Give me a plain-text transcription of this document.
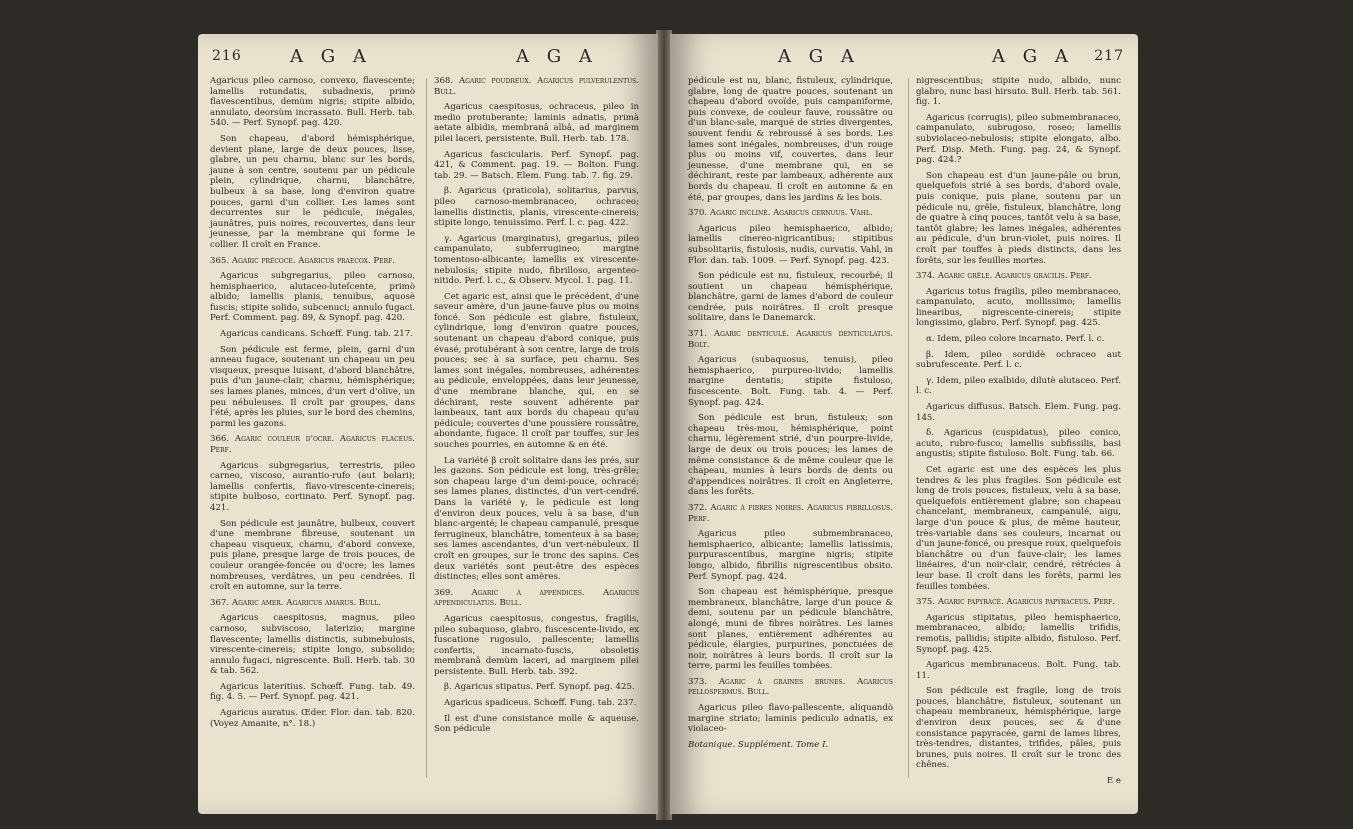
216	A G A	A G A

Agaricus pileo carnoso, convexo, flavescente; lamellis rotundatis, subadnexis, primò flavescentibus, demùm nigris; stipite albido, annulato, deorsùm incrassato. Bull. Herb. tab. 540. — Perf. Synopf. pag. 420.

Son chapeau, d'abord hémisphérique, devient plane, large de deux pouces, lisse, glabre, un peu charnu, blanc sur les bords, jaune à son centre, soutenu par un pédicule plein, cylindrique, charnu, blanchâtre, bulbeux à sa base, long d'environ quatre pouces, garni d'un collier. Les lames sont decurrentes sur le pédicule, inégales, jaunâtres, puis noires, recouvertes, dans leur jeunesse, par la membrane qui forme le collier. Il croît en France.

365. Agaric précoce. Agaricus praecox. Perf.

Agaricus subgregarius, pileo carnoso, hemisphaerico, alutaceo-luteſcente, primò albido; lamellis planis, tenuibus, aquosè fuscis; stipite solido, subcenuci; annulo fugaci. Perf. Comment. pag. 89, & Synopf. pag. 420.

Agaricus candicans. Schœff. Fung. tab. 217.

Son pédicule est ferme, plein, garni d'un anneau fugace, soutenant un chapeau un peu visqueux, presque luisant, d'abord blanchâtre, puis d'un jaune-clair, charnu, hémisphérique; ses lames planes, minces, d'un vert d'olive, un peu nébuleuses. Il croît par groupes, dans l'été, après les pluies, sur le bord des chemins, parmi les gazons.

366. Agaric couleur d'ocre. Agaricus flaceus. Perf.

Agaricus subgregarius, terrestris, pileo carneo, viscoso, aurantio-rufo (aut bolari); lamellis confertis, flavo-virescente-cinereis; stipite bulboso, cortinato. Perf. Synopf. pag. 421.

Son pédicule est jaunâtre, bulbeux, couvert d'une membrane fibreuse, soutenant un chapeau visqueux, charnu, d'abord convexe, puis plane, presque large de trois pouces, de couleur orangée-foncée ou d'ocre; les lames nombreuses, verdâtres, un peu cendrées. Il croît en automne, sur la terre.

367. Agaric amer. Agaricus amarus. Bull.

Agaricus caespitosus, magnus, pileo carnoso, subviscoso, laterizio; margine flavescente; lamellis distinctis, submebulosis, virescente-cinereis; stipite longo, subsolido; annulo fugaci, nigrescente. Bull. Herb. tab. 30 & tab. 562.

Agaricus lateritius. Schœff. Fung. tab. 49. fig. 4. 5. — Perf. Synopf. pag. 421.

Agaricus auratus. Œder. Flor. dan. tab. 820. (Voyez Amanite, n°. 18.)

368. Agaric poudreux. Agaricus pulverulentus. Bull.

Agaricus caespitosus, ochraceus, pileo in medio protuberante; laminis adnatis, primà aetate albidis, membranâ albâ, ad marginem pilei laceri, persistente. Bull. Herb. tab. 178.

Agaricus fascicularis. Perf. Synopf. pag. 421, & Comment. pag. 19. — Bolton. Fung. tab. 29. — Batsch. Elem. Fung. tab. 7. fig. 29.

β. Agaricus (praticola), solitarius, parvus, pileo carnoso-membranaceo, ochraceo; lamellis distinctis, planis, virescente-cinereis; stipite longo, tenuissimo. Perf. l. c. pag. 422.

γ. Agaricus (marginatus), gregarius, pileo campanulato, subferrugineo; margine tomentoso-albicante; lamellis ex virescente-nebulosis; stipite nudo, fibrilloso, argenteo-nitido. Perf. l. c., & Observ. Mycol. 1. pag. 11.

Cet agaric est, ainsi que le précédent, d'une saveur amère, d'un jaune-fauve plus ou moins foncé. Son pédicule est glabre, fistuleux, cylindrique, long d'environ quatre pouces, soutenant un chapeau d'abord conique, puis évasé, protubérant à son centre, large de trois pouces; sec à sa surface, peu charnu. Ses lames sont inégales, nombreuses, adhérentes au pédicule, enveloppées, dans leur jeunesse, d'une membrane blanche, qui, en se déchirant, reste souvent adhérente par lambeaux, tant aux bords du chapeau qu'au pédicule; couvertes d'une poussière roussâtre, abondante, fugace. Il croît par touffes, sur les souches pourries, en automne & en été.

La variété β croît solitaire dans les prés, sur les gazons. Son pédicule est long, très-grêle; son chapeau large d'un demi-pouce, ochracé; ses lames planes, distinctes, d'un vert-cendré. Dans la variété γ, le pédicule est long d'environ deux pouces, velu à sa base, d'un blanc-argenté; le chapeau campanulé, presque ferrugineux, blanchâtre, tomenteux à sa base; ses lames ascendantes, d'un vert-nébuleux. Il croît en groupes, sur le tronc des sapins. Ces deux variétés sont peut-être des espèces distinctes; elles sont amères.

369. Agaric à appendices. Agaricus appendiculatus. Bull.

Agaricus caespitosus, congestus, fragilis, pileo subaquoso, glabro, fuscescente-livido, ex fuscatione rugosulo, pallescente; lamellis confertis, incarnato-fuscis, obsoletis membranâ demùm laceri, ad marginem pilei persistente. Bull. Herb. tab. 392.

β. Agaricus stipatus. Perf. Synopf. pag. 425.

Agaricus spadiceus. Schœff. Fung. tab. 237.

Il est d'une consistance molle & aqueuse. Son pédicule

A G A	A G A 217

pédicule est nu, blanc, fistuleux, cylindrique, glabre, long de quatre pouces, soutenant un chapeau d'abord ovoïde, puis campaniforme, puis convexe, de couleur fauve, roussâtre ou d'un blanc-sale, marqué de stries divergentes, souvent fendu & rebroussé à ses bords. Les lames sont inégales, nombreuses, d'un rouge plus ou moins vif, couvertes, dans leur jeunesse, d'une membrane qui, en se déchirant, reste par lambeaux, adhérente aux bords du chapeau. Il croît en automne & en été, par groupes, dans les jardins & les bois.

370. Agaric incliné. Agaricus cernuus. Vahl.

Agaricus pileo hemisphaerico, albido; lamellis cinereo-nigricantibus; stipitibus subsolitariis, fistulosis, nudis, curvatis. Vahl, in Flor. dan. tab. 1009. — Perf. Synopf. pag. 423.

Son pédicule est nu, fistuleux, recourbé; il soutient un chapeau hémisphérique, blanchâtre, garni de lames d'abord de couleur cendrée, puis noirâtres. Il croît presque solitaire, dans le Danemarck.

371. Agaric denticulé. Agaricus denticulatus. Bolt.

Agaricus (subaquosus, tenuis), pileo hemisphaerico, purpureo-livido; lamellis margine dentatis; stipite fistuloso, fuscescente. Bolt. Fung. tab. 4. — Perf. Synopf. pag. 424.

Son pédicule est brun, fistuleux; son chapeau très-mou, hémisphérique, point charnu, légèrement strié, d'un pourpre-livide, large de deux ou trois pouces; les lames de même consistance & de même couleur que le chapeau, munies à leurs bords de dents ou d'appendices noirâtres. Il croît en Angleterre, dans les forêts.

372. Agaric à fibres noires. Agaricus fibrillosus. Perf.

Agaricus pileo submembranaceo, hemisphaerico, albicante; lamellis latissimis, purpurascentibus, margine nigris; stipite longo, albido, fibrillis nigrescentibus obsito. Perf. Synopf. pag. 424.

Son chapeau est hémisphérique, presque membraneux, blanchâtre, large d'un pouce & demi, soutenu par un pédicule blanchâtre, alongé, muni de fibres noirâtres. Les lames sont planes, entièrement adhérentes au pédicule, élargies, purpurines, ponctuées de noir, noirâtres à leurs bords. Il croît sur la terre, parmi les feuilles tombées.

373. Agaric à graines brunes. Agaricus pellospermus. Bull.

Agaricus pileo flavo-pallescente, aliquandò margine striato; laminis pediculo adnatis, ex violaceo-

Botanique. Supplément. Tome I.

nigrescentibus; stipite nudo, albido, nunc glabro, nunc basi hirsuto. Bull. Herb. tab. 561. fig. 1.

Agaricus (corrugis), pileo submembranaceo, campanulato, subrugoso, roseo; lamellis subviolaceo-nebulosis; stipite elongato, albo. Perf. Disp. Meth. Fung. pag. 24, & Synopf. pag. 424.?

Son chapeau est d'un jaune-pâle ou brun, quelquefois strié à ses bords, d'abord ovale, puis conique, puis plane, soutenu par un pédicule nu, grêle, fistuleux, blanchâtre, long de quatre à cinq pouces, tantôt velu à sa base, tantôt glabre; les lames inégales, adhérentes au pédicule, d'un brun-violet, puis noires. Il croît par touffes à pieds distincts, dans les forêts, sur les feuilles mortes.

374. Agaric grêle. Agaricus gracilis. Perf.

Agaricus totus fragilis, pileo membranaceo, campanulato, acuto, mollissimo; lamellis linearibus, nigrescente-cinereis; stipite longissimo, glabro. Perf. Synopf. pag. 425.

α. Idem, pileo colore incarnato. Perf. l. c.

β. Idem, pileo sordidè ochraceo aut subrufescente. Perf. l. c.

γ. Idem, pileo exalbido, dilutè alutaceo. Perf. l. c.

Agaricus diffusus. Batsch. Elem. Fung. pag. 145.

δ. Agaricus (cuspidatus), pileo conico, acuto, rubro-fusco; lamellis subfissilis, basi angustis; stipite fistuloso. Bolt. Fung. tab. 66.

Cet agaric est une des espèces les plus tendres & les plus fragiles. Son pédicule est long de trois pouces, fistuleux, velu à sa base, quelquefois entièrement glabre; son chapeau chancelant, membraneux, campanulé, aigu, large d'un pouce & plus, de même hauteur, très-variable dans ses couleurs, incarnat ou d'un jaune-foncé, ou presque roux, quelquefois blanchâtre ou d'un fauve-clair; les lames linéaires, d'un noir-clair, cendré, rétrécies à leur base. Il croît dans les forêts, parmi les feuilles tombées.

375. Agaric papyracé. Agaricus papyraceus. Perf.

Agaricus stipitatus, pileo hemisphaerico, membranaceo, albido; lamellis trifidis, remotis, pallidis; stipite albido, fistuloso. Perf. Synopf. pag. 425.

Agaricus membranaceus. Bolt. Fung. tab. 11.

Son pédicule est fragile, long de trois pouces, blanchâtre, fistuleux, soutenant un chapeau membraneux, hémisphérique, large d'environ deux pouces, sec & d'une consistance papyracée, garni de lames libres, très-tendres, distantes, trifides, pâles, puis brunes, puis noires. Il croît sur le tronc des chênes.

E e
